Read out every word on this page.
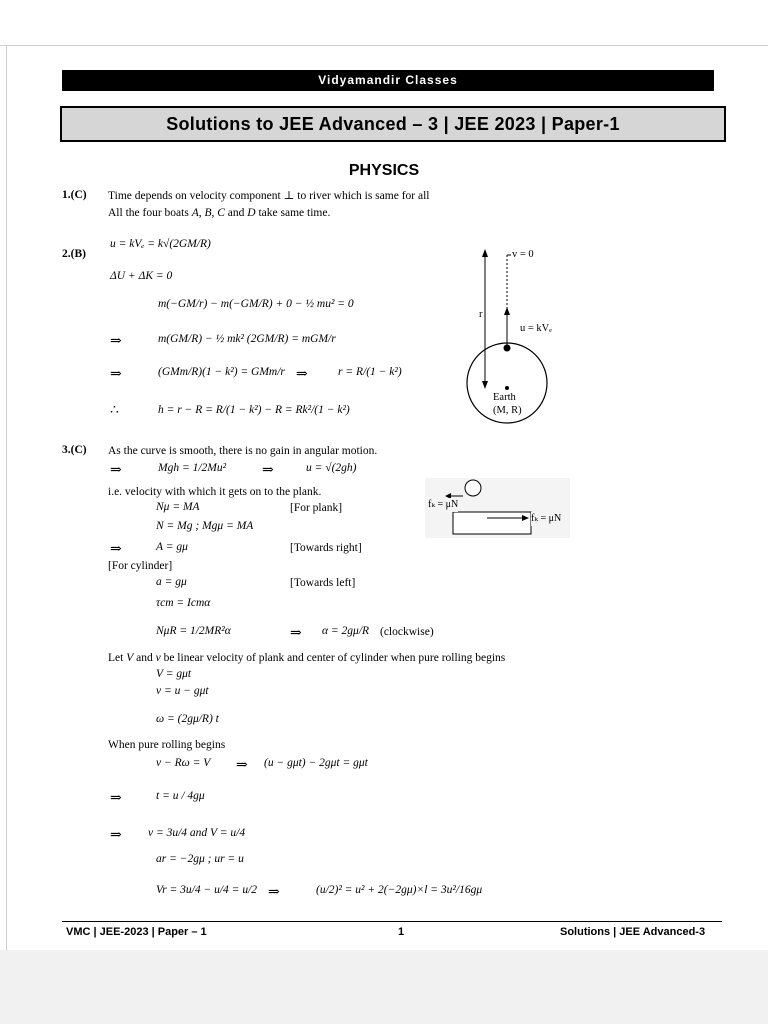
Vidyamandir Classes
Solutions to JEE Advanced – 3 | JEE 2023 | Paper-1
PHYSICS
1.(C) Time depends on velocity component ⊥ to river which is same for all
All the four boats A, B, C and D take same time.
2.(B)
u = kVₑ = k√(2GM/R)
ΔU + ΔK = 0
m(−GM/r) − m(−GM/R) + 0 − ½ mu² = 0
⇒	m(GM/R) − ½ mk² (2GM/R) = mGM/r
⇒	(GMm/R)(1 − k²) = GMm/r ⇒	r = R/(1 − k²)
∴	h = r − R = R/(1 − k²) − R = Rk²/(1 − k²)
v = 0
r
u = kVₑ
Earth
(M, R)
3.(C) As the curve is smooth, there is no gain in angular motion.
⇒	Mgh = 1/2Mu²	⇒	u = √(2gh)
i.e. velocity with which it gets on to the plank.
Nμ = MA	[For plank]
N = Mg ; Mgμ = MA
⇒	A = gμ	[Towards right]
[For cylinder]
a = gμ	[Towards left]
τcm = Icmα
NμR = 1/2MR²α	⇒ α = 2gμ/R (clockwise)
Let V and v be linear velocity of plank and center of cylinder when pure rolling begins
V = gμt
v = u − gμt
ω = (2gμ/R) t
When pure rolling begins
v − Rω = V ⇒ (u − gμt) − 2gμt = gμt
⇒	t = u / 4gμ
⇒ v = 3u/4 and V = u/4
ar = −2gμ ; ur = u
Vr = 3u/4 − u/4 = u/2 ⇒	(u/2)² = u² + 2(−2gμ)×l = 3u²/16gμ
fₖ = μN
fₖ = μN
VMC | JEE-2023 | Paper – 1	1	Solutions | JEE Advanced-3
